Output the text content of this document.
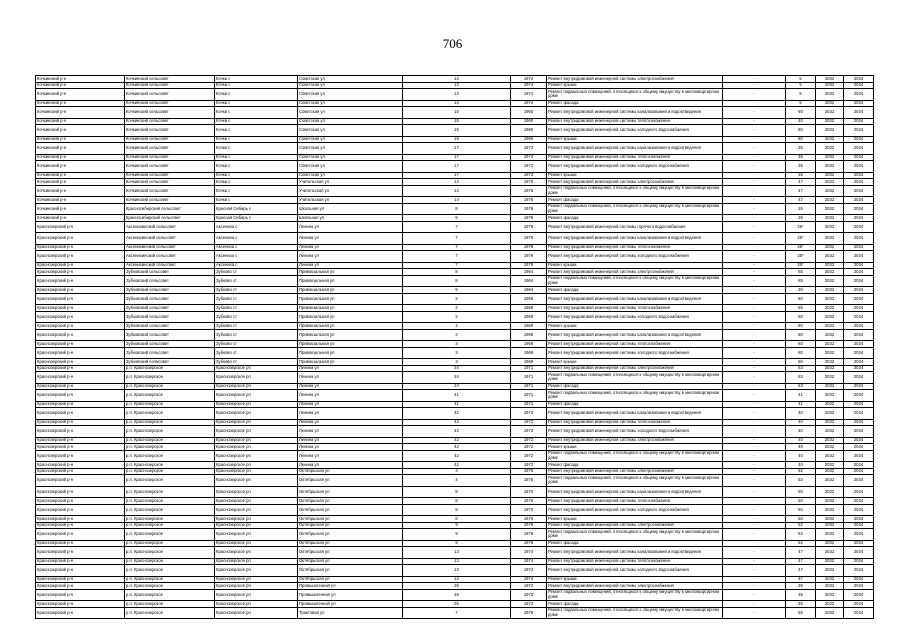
706
Кочкинский р-н	Кочкинский сельсовет	Кочки с	Советская ул	13	1974	Ремонт внутридомовой инженерной системы электроснабжения	-	5	2032	2034
Кочкинский р-н	Кочкинский сельсовет	Кочки с	Советская ул	13	1974	Ремонт крыши	-	5	2032	2034
Кочкинский р-н	Кочкинский сельсовет	Кочки с	Советская ул	13	1974	Ремонт подвальных помещений, относящихся к общему имуществу в многоквартирном доме	-	5	2032	2034
Кочкинский р-н	Кочкинский сельсовет	Кочки с	Советская ул	13	1974	Ремонт фасада	-	5	2032	2034
Кочкинский р-н	Кочкинский сельсовет	Кочки с	Советская ул	15	1960	Ремонт внутридомовой инженерной системы канализования и водоотведения	-	80	2032	2034
Кочкинский р-н	Кочкинский сельсовет	Кочки с	Советская ул	15	1960	Ремонт внутридомовой инженерной системы теплоснабжения	-	40	2032	2034
Кочкинский р-н	Кочкинский сельсовет	Кочки с	Советская ул	15	1960	Ремонт внутридомовой инженерной системы холодного водоснабжения	-	80	2032	2034
Кочкинский р-н	Кочкинский сельсовет	Кочки с	Советская ул	15	1960	Ремонт крыши	-	80	2032	2034
Кочкинский р-н	Кочкинский сельсовет	Кочки с	Советская ул	17	1972	Ремонт внутридомовой инженерной системы канализования и водоотведения	-	35	2032	2034
Кочкинский р-н	Кочкинский сельсовет	Кочки с	Советская ул	17	1972	Ремонт внутридомовой инженерной системы теплоснабжения	-	35	2032	2034
Кочкинский р-н	Кочкинский сельсовет	Кочки с	Советская ул	17	1972	Ремонт внутридомовой инженерной системы холодного водоснабжения	-	35	2032	2034
Кочкинский р-н	Кочкинский сельсовет	Кочки с	Советская ул	17	1972	Ремонт крыши	-	35	2032	2034
Кочкинский р-н	Кочкинский сельсовет	Кочки с	Учительская ул	14	1975	Ремонт внутридомовой инженерной системы электроснабжения	-	47	2032	2034
Кочкинский р-н	Кочкинский сельсовет	Кочки с	Учительская ул	14	1975	Ремонт подвальных помещений, относящихся к общему имуществу в многоквартирном доме	-	47	2032	2034
Кочкинский р-н	Кочкинский сельсовет	Кочки с	Учительская ул	14	1975	Ремонт фасада	-	47	2032	2034
Кочкинский р-н	Красносибирский сельсовет	Красная Сибирь с	Школьная ул	8	1976	Ремонт подвальных помещений, относящихся к общему имуществу в многоквартирном доме	-	26	2032	2034
Кочкинский р-н	Красносибирский сельсовет	Красная Сибирь с	Школьная ул	8	1976	Ремонт фасада	-	26	2032	2034
Краснозерский р-н	Аксенихинский сельсовет	Аксениха с	Ленина ул	7	1979	Ремонт внутридомовой инженерной системы горячего водоснабжения	-	25*	2032	2034
Краснозерский р-н	Аксенихинский сельсовет	Аксениха с	Ленина ул	7	1979	Ремонт внутридомовой инженерной системы канализования и водоотведения	-	25*	2032	2034
Краснозерский р-н	Аксенихинский сельсовет	Аксениха с	Ленина ул	7	1979	Ремонт внутридомовой инженерной системы теплоснабжения	-	25*	2032	2034
Краснозерский р-н	Аксенихинский сельсовет	Аксениха с	Ленина ул	7	1979	Ремонт внутридомовой инженерной системы холодного водоснабжения	-	25*	2032	2034
Краснозерский р-н	Аксенихинский сельсовет	Аксениха с	Ленина ул	7	1979	Ремонт крыши	-	25*	2032	2034
Краснозерский р-н	Зубковский сельсовет	Зубково ст	Привокзальная ул	8	1964	Ремонт внутридомовой инженерной системы электроснабжения	-	65	2032	2034
Краснозерский р-н	Зубковский сельсовет	Зубково ст	Привокзальная ул	8	1964	Ремонт подвальных помещений, относящихся к общему имуществу в многоквартирном доме	-	85	2032	2034
Краснозерский р-н	Зубковский сельсовет	Зубково ст	Привокзальная ул	8	1964	Ремонт фасада	-	30	2032	2034
Краснозерский р-н	Зубковский сельсовет	Зубково ст	Привокзальная ул	2	1969	Ремонт внутридомовой инженерной системы канализования и водоотведения	-	80	2032	2034
Краснозерский р-н	Зубковский сельсовет	Зубково ст	Привокзальная ул	2	1969	Ремонт внутридомовой инженерной системы теплоснабжения	-	65	2032	2034
Краснозерский р-н	Зубковский сельсовет	Зубково ст	Привокзальная ул	2	1969	Ремонт внутридомовой инженерной системы холодного водоснабжения	-	80	2032	2034
Краснозерский р-н	Зубковский сельсовет	Зубково ст	Привокзальная ул	2	1969	Ремонт крыши	-	80	2032	2034
Краснозерский р-н	Зубковский сельсовет	Зубково ст	Привокзальная ул	3	1969	Ремонт внутридомовой инженерной системы канализования и водоотведения	-	80	2032	2034
Краснозерский р-н	Зубковский сельсовет	Зубково ст	Привокзальная ул	3	1969	Ремонт внутридомовой инженерной системы теплоснабжения	-	80	2032	2034
Краснозерский р-н	Зубковский сельсовет	Зубково ст	Привокзальная ул	3	1969	Ремонт внутридомовой инженерной системы холодного водоснабжения	-	80	2032	2034
Краснозерский р-н	Зубковский сельсовет	Зубково ст	Привокзальная ул	3	1969	Ремонт крыши	-	90	2032	2034
Краснозерский р-н	р.п. Краснозерское	Краснозерское рп	Ленина ул	24	1971	Ремонт внутридомовой инженерной системы электроснабжения	-	53	2032	2034
Краснозерский р-н	р.п. Краснозерское	Краснозерское рп	Ленина ул	24	1971	Ремонт подвальных помещений, относящихся к общему имуществу в многоквартирном доме	-	53	2032	2034
Краснозерский р-н	р.п. Краснозерское	Краснозерское рп	Ленина ул	24	1971	Ремонт фасада	-	53	2032	2034
Краснозерский р-н	р.п. Краснозерское	Краснозерское рп	Ленина ул	41	1971	Ремонт подвальных помещений, относящихся к общему имуществу в многоквартирном доме	-	41	2032	2034
Краснозерский р-н	р.п. Краснозерское	Краснозерское рп	Ленина ул	41	1971	Ремонт фасада	-	41	2032	2034
Краснозерский р-н	р.п. Краснозерское	Краснозерское рп	Ленина ул	42	1972	Ремонт внутридомовой инженерной системы канализования и водоотведения	-	40	2032	2034
Краснозерский р-н	р.п. Краснозерское	Краснозерское рп	Ленина ул	42	1972	Ремонт внутридомовой инженерной системы теплоснабжения	-	40	2032	2034
Краснозерский р-н	р.п. Краснозерское	Краснозерское рп	Ленина ул	42	1972	Ремонт внутридомовой инженерной системы холодного водоснабжения	-	40	2032	2034
Краснозерский р-н	р.п. Краснозерское	Краснозерское рп	Ленина ул	42	1972	Ремонт внутридомовой инженерной системы электроснабжения	-	40	2032	2034
Краснозерский р-н	р.п. Краснозерское	Краснозерское рп	Ленина ул	42	1972	Ремонт крыши	-	40	2032	2034
Краснозерский р-н	р.п. Краснозерское	Краснозерское рп	Ленина ул	42	1972	Ремонт подвальных помещений, относящихся к общему имуществу в многоквартирном доме	-	40	2032	2034
Краснозерский р-н	р.п. Краснозерское	Краснозерское рп	Ленина ул	42	1972	Ремонт фасада	-	40	2032	2034
Краснозерский р-н	р.п. Краснозерское	Краснозерское рп	Октябрьская ул	4	1975	Ремонт внутридомовой инженерной системы электроснабжения	-	52	2032	2034
Краснозерский р-н	р.п. Краснозерское	Краснозерское рп	Октябрьская ул	4	1975	Ремонт подвальных помещений, относящихся к общему имуществу в многоквартирном доме	-	52	2032	2034
Краснозерский р-н	р.п. Краснозерское	Краснозерское рп	Октябрьская ул	8	1970	Ремонт внутридомовой инженерной системы канализования и водоотведения	-	50	2032	2034
Краснозерский р-н	р.п. Краснозерское	Краснозерское рп	Октябрьская ул	8	1970	Ремонт внутридомовой инженерной системы теплоснабжения	-	50	2032	2034
Краснозерский р-н	р.п. Краснозерское	Краснозерское рп	Октябрьская ул	8	1970	Ремонт внутридомовой инженерной системы холодного водоснабжения	-	50	2032	2034
Краснозерский р-н	р.п. Краснозерское	Краснозерское рп	Октябрьская ул	8	1970	Ремонт крыши	-	50	2032	2034
Краснозерский р-н	р.п. Краснозерское	Краснозерское рп	Октябрьская ул	9	1976	Ремонт внутридомовой инженерной системы электроснабжения	-	52	2032	2034
Краснозерский р-н	р.п. Краснозерское	Краснозерское рп	Октябрьская ул	9	1976	Ремонт подвальных помещений, относящихся к общему имуществу в многоквартирном доме	-	52	2032	2034
Краснозерский р-н	р.п. Краснозерское	Краснозерское рп	Октябрьская ул	9	1976	Ремонт фасада	-	52	2032	2034
Краснозерский р-н	р.п. Краснозерское	Краснозерское рп	Октябрьская ул	13	1974	Ремонт внутридомовой инженерной системы канализования и водоотведения	-	47	2032	2034
Краснозерский р-н	р.п. Краснозерское	Краснозерское рп	Октябрьская ул	13	1974	Ремонт внутридомовой инженерной системы теплоснабжения	-	47	2032	2034
Краснозерский р-н	р.п. Краснозерское	Краснозерское рп	Октябрьская ул	13	1974	Ремонт внутридомовой инженерной системы холодного водоснабжения	-	47	2032	2034
Краснозерский р-н	р.п. Краснозерское	Краснозерское рп	Октябрьская ул	13	1974	Ремонт крыши	-	47	2032	2034
Краснозерский р-н	р.п. Краснозерское	Краснозерское рп	Промышленная ул	26	1972	Ремонт внутридомовой инженерной системы электроснабжения	-	35	2032	2034
Краснозерский р-н	р.п. Краснозерское	Краснозерское рп	Промышленная ул	26	1972	Ремонт подвальных помещений, относящихся к общему имуществу в многоквартирном доме	-	35	2032	2034
Краснозерский р-н	р.п. Краснозерское	Краснозерское рп	Промышленная ул	26	1972	Ремонт фасада	-	35	2032	2034
Краснозерский р-н	р.п. Краснозерское	Краснозерское рп	Трактовая ул	7	1976	Ремонт подвальных помещений, относящихся к общему имуществу в многоквартирном доме	-	55	2032	2034
